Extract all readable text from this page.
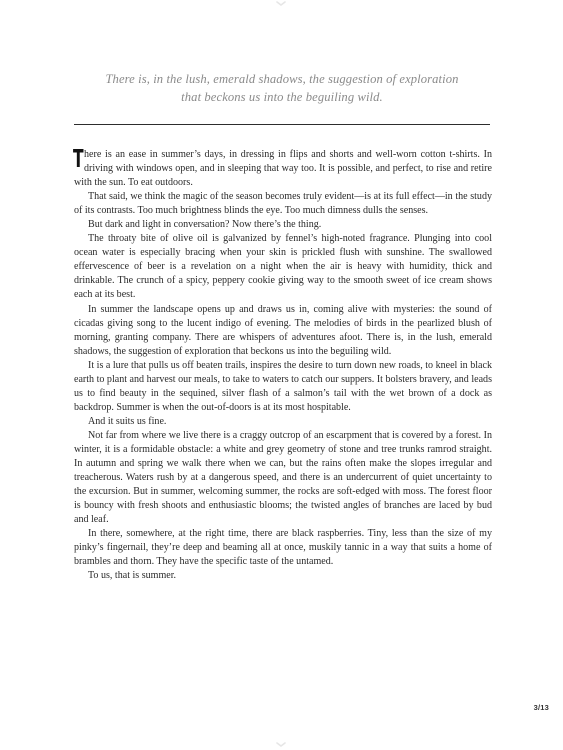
There is, in the lush, emerald shadows, the suggestion of exploration
that beckons us into the beguiling wild.

There is an ease in summer’s days, in dressing in flips and shorts and well-worn cotton t-shirts. In driving with windows open, and in sleeping that way too. It is possible, and perfect, to rise and retire with the sun. To eat outdoors.

That said, we think the magic of the season becomes truly evident—is at its full effect—in the study of its contrasts. Too much brightness blinds the eye. Too much dimness dulls the senses.

But dark and light in conversation? Now there’s the thing.

The throaty bite of olive oil is galvanized by fennel’s high-noted fragrance. Plunging into cool ocean water is especially bracing when your skin is prickled flush with sunshine. The swallowed effervescence of beer is a revelation on a night when the air is heavy with humidity, thick and drinkable. The crunch of a spicy, peppery cookie giving way to the smooth sweet of ice cream shows each at its best.

In summer the landscape opens up and draws us in, coming alive with mysteries: the sound of cicadas giving song to the lucent indigo of evening. The melodies of birds in the pearlized blush of morning, granting company. There are whispers of adventures afoot. There is, in the lush, emerald shadows, the suggestion of exploration that beckons us into the beguiling wild.

It is a lure that pulls us off beaten trails, inspires the desire to turn down new roads, to kneel in black earth to plant and harvest our meals, to take to waters to catch our suppers. It bolsters bravery, and leads us to find beauty in the sequined, silver flash of a salmon’s tail with the wet brown of a dock as backdrop. Summer is when the out-of-doors is at its most hospitable.

And it suits us fine.

Not far from where we live there is a craggy outcrop of an escarpment that is covered by a forest. In winter, it is a formidable obstacle: a white and grey geometry of stone and tree trunks ramrod straight. In autumn and spring we walk there when we can, but the rains often make the slopes irregular and treacherous. Waters rush by at a dangerous speed, and there is an undercurrent of quiet uncertainty to the excursion. But in summer, welcoming summer, the rocks are soft-edged with moss. The forest floor is bouncy with fresh shoots and enthusiastic blooms; the twisted angles of branches are laced by bud and leaf.

In there, somewhere, at the right time, there are black raspberries. Tiny, less than the size of my pinky’s fingernail, they’re deep and beaming all at once, muskily tannic in a way that suits a home of brambles and thorn. They have the specific taste of the untamed.

To us, that is summer.

3/13
